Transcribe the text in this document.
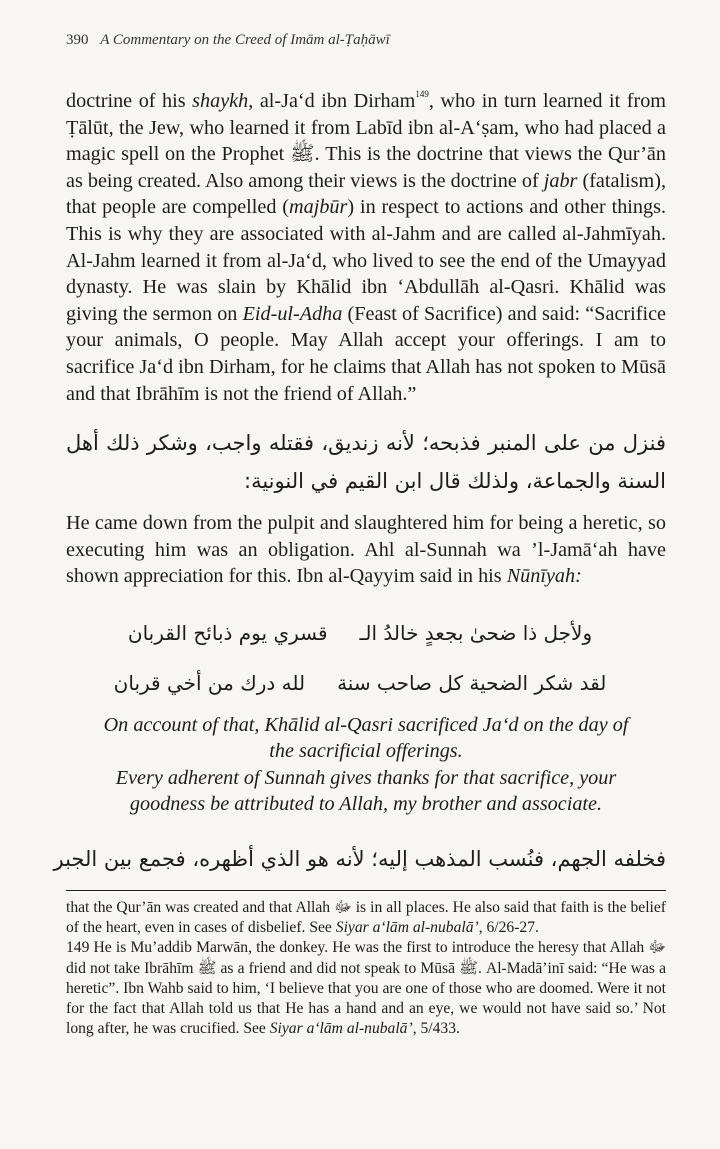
390 A Commentary on the Creed of Imām al-Ṭaḥāwī

doctrine of his shaykh, al-Ja‘d ibn Dirham$^{149}$, who in turn learned it from Ṭālūt, the Jew, who learned it from Labīd ibn al-A‘ṣam, who had placed a magic spell on the Prophet ﷺ. This is the doctrine that views the Qur’ān as being created. Also among their views is the doctrine of jabr (fatalism), that people are compelled (majbūr) in respect to actions and other things. This is why they are associated with al-Jahm and are called al-Jahmīyah. Al-Jahm learned it from al-Ja‘d, who lived to see the end of the Umayyad dynasty. He was slain by Khālid ibn ‘Abdullāh al-Qasri. Khālid was giving the sermon on Eid-ul-Adha (Feast of Sacrifice) and said: “Sacrifice your animals, O people. May Allah accept your offerings. I am to sacrifice Ja‘d ibn Dirham, for he claims that Allah has not spoken to Mūsā and that Ibrāhīm is not the friend of Allah.”

فنزل من على المنبر فذبحه؛ لأنه زنديق، فقتله واجب، وشكر ذلك أهل السنة والجماعة، ولذلك قال ابن القيم في النونية:

He came down from the pulpit and slaughtered him for being a heretic, so executing him was an obligation. Ahl al-Sunnah wa ’l-Jamā‘ah have shown appreciation for this. Ibn al-Qayyim said in his Nūnīyah:

ولأجل ذا ضحىٰ بجعدٍ خالدُ الـقسري يوم ذبائح القربان
لقد شكر الضحية كل صاحب سنةلله درك من أخي قربان

On account of that, Khālid al-Qasri sacrificed Ja‘d on the day of
the sacrificial offerings.

Every adherent of Sunnah gives thanks for that sacrifice, your
goodness be attributed to Allah, my brother and associate.

فخلفه الجهم، فنُسب المذهب إليه؛ لأنه هو الذي أظهره، فجمع بين الجبر

that the Qur’ān was created and that Allah ﷻ is in all places. He also said that faith is the belief of the heart, even in cases of disbelief. See Siyar a‘lām al-nubalā’, 6/26-27.

149 He is Mu’addib Marwān, the donkey. He was the first to introduce the heresy that Allah ﷻ did not take Ibrāhīm ﷺ as a friend and did not speak to Mūsā ﷺ. Al-Madā’inī said: “He was a heretic”. Ibn Wahb said to him, ‘I believe that you are one of those who are doomed. Were it not for the fact that Allah told us that He has a hand and an eye, we would not have said so.’ Not long after, he was crucified. See Siyar a‘lām al-nubalā’, 5/433.
